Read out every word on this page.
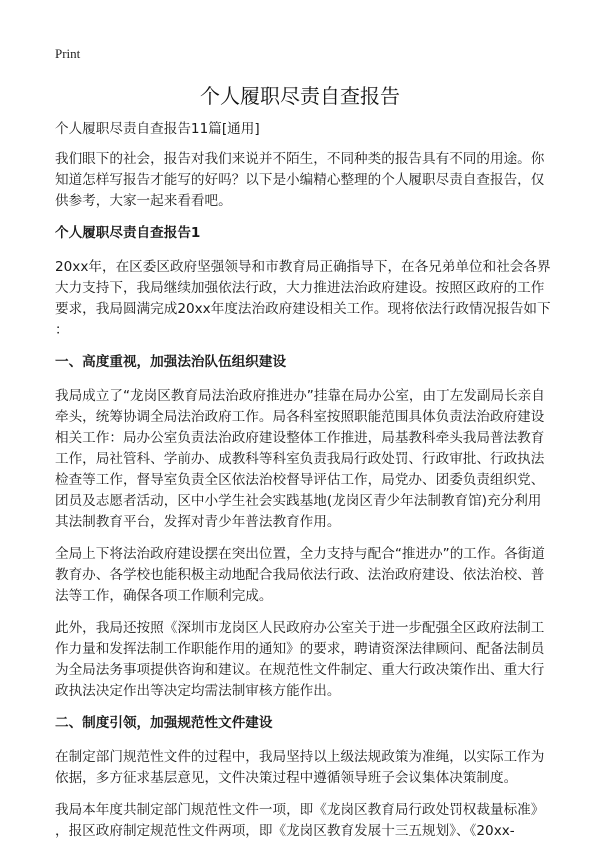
Print
个人履职尽责自查报告

个人履职尽责自查报告11篇[通用]

我们眼下的社会，报告对我们来说并不陌生，不同种类的报告具有不同的用途。你
知道怎样写报告才能写的好吗？以下是小编精心整理的个人履职尽责自查报告，仅
供参考，大家一起来看看吧。

个人履职尽责自查报告1

20xx年，在区委区政府坚强领导和市教育局正确指导下，在各兄弟单位和社会各界
大力支持下，我局继续加强依法行政，大力推进法治政府建设。按照区政府的工作
要求，我局圆满完成20xx年度法治政府建设相关工作。现将依法行政情况报告如下
：

一、高度重视，加强法治队伍组织建设

我局成立了“龙岗区教育局法治政府推进办”挂靠在局办公室，由丁左发副局长亲自
牵头，统筹协调全局法治政府工作。局各科室按照职能范围具体负责法治政府建设
相关工作：局办公室负责法治政府建设整体工作推进，局基教科牵头我局普法教育
工作，局社管科、学前办、成教科等科室负责我局行政处罚、行政审批、行政执法
检查等工作，督导室负责全区依法治校督导评估工作，局党办、团委负责组织党、
团员及志愿者活动，区中小学生社会实践基地(龙岗区青少年法制教育馆)充分利用
其法制教育平台，发挥对青少年普法教育作用。

全局上下将法治政府建设摆在突出位置，全力支持与配合“推进办”的工作。各街道
教育办、各学校也能积极主动地配合我局依法行政、法治政府建设、依法治校、普
法等工作，确保各项工作顺利完成。

此外，我局还按照《深圳市龙岗区人民政府办公室关于进一步配强全区政府法制工
作力量和发挥法制工作职能作用的通知》的要求，聘请资深法律顾问、配备法制员
为全局法务事项提供咨询和建议。在规范性文件制定、重大行政决策作出、重大行
政执法决定作出等决定均需法制审核方能作出。

二、制度引领，加强规范性文件建设

在制定部门规范性文件的过程中，我局坚持以上级法规政策为准绳，以实际工作为
依据，多方征求基层意见，文件决策过程中遵循领导班子会议集体决策制度。

我局本年度共制定部门规范性文件一项，即《龙岗区教育局行政处罚权裁量标准》
，报区政府制定规范性文件两项，即《龙岗区教育发展十三五规划》、《20xx-
